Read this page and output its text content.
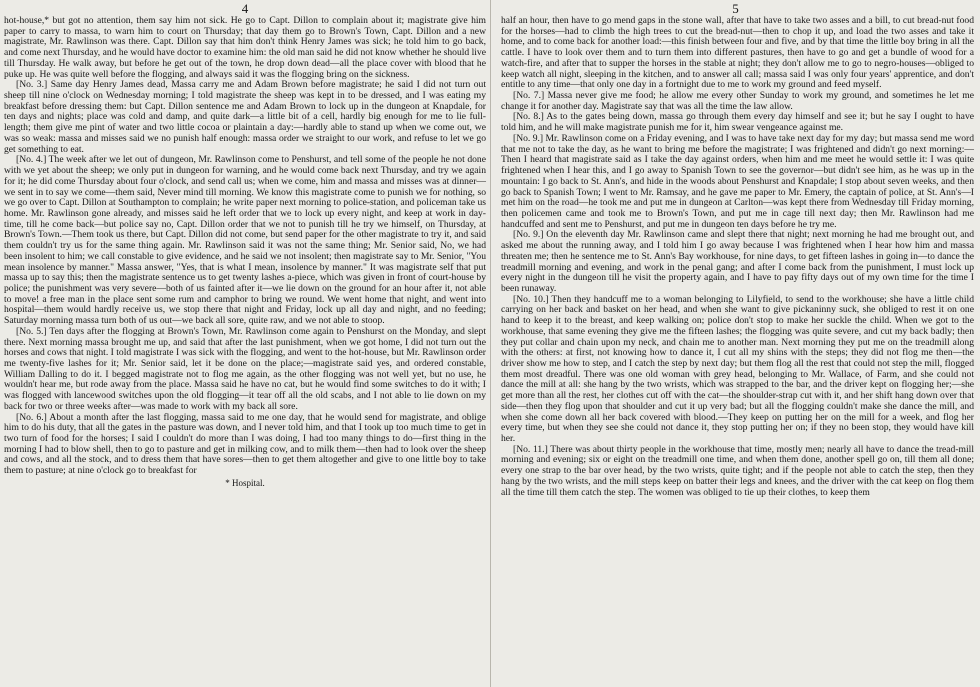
4

hot-house,* but got no attention, them say him not sick. He go to Capt. Dillon to complain about it; magistrate give him paper to carry to massa, to warn him to court on Thursday; that day them go to Brown's Town, Capt. Dillon and a new magistrate, Mr. Rawlinson was there. Capt. Dillon say that him don't think Henry James was sick; he told him to go back, and come next Thursday, and he would have doctor to examine him: the old man said he did not know whether he should live till Thursday. He walk away, but before he get out of the town, he drop down dead—all the place cover with blood that he puke up. He was quite well before the flogging, and always said it was the flogging bring on the sickness.

[No. 3.] Same day Henry James dead, Massa carry me and Adam Brown before magistrate; he said I did not turn out sheep till nine o'clock on Wednesday morning; I told magistrate the sheep was kept in to be dressed, and I was eating my breakfast before dressing them: but Capt. Dillon sentence me and Adam Brown to lock up in the dungeon at Knapdale, for ten days and nights; place was cold and damp, and quite dark—a little bit of a cell, hardly big enough for me to lie full-length; them give me pint of water and two little cocoa or plaintain a day:—hardly able to stand up when we come out, we was so weak: massa and misses said we no punish half enough: massa order we straight to our work, and refuse to let we go get something to eat.

[No. 4.] The week after we let out of dungeon, Mr. Rawlinson come to Penshurst, and tell some of the people he not done with we yet about the sheep; we only put in dungeon for warning, and he would come back next Thursday, and try we again for it; he did come Thursday about four o'clock, and send call us; when we come, him and massa and misses was at dinner—we sent in to say we come—them said, Never mind till morning. We know this magistrate come to punish we for nothing, so we go over to Capt. Dillon at Southampton to complain; he write paper next morning to police-station, and policeman take us home. Mr. Rawlinson gone already, and misses said he left order that we to lock up every night, and keep at work in day-time, till he come back—but police say no, Capt. Dillon order that we not to punish till he try we himself, on Thursday, at Brown's Town.—Them took us there, but Capt. Dillon did not come, but send paper for the other magistrate to try it, and said them couldn't try us for the same thing again. Mr. Rawlinson said it was not the same thing; Mr. Senior said, No, we had been insolent to him; we call constable to give evidence, and he said we not insolent; then magistrate say to Mr. Senior, "You mean insolence by manner." Massa answer, "Yes, that is what I mean, insolence by manner." It was magistrate self that put massa up to say this; then the magistrate sentence us to get twenty lashes a-piece, which was given in front of court-house by police; the punishment was very severe—both of us fainted after it—we lie down on the ground for an hour after it, not able to move! a free man in the place sent some rum and camphor to bring we round. We went home that night, and went into hospital—them would hardly receive us, we stop there that night and Friday, lock up all day and night, and no feeding; Saturday morning massa turn both of us out—we back all sore, quite raw, and we not able to stoop.

[No. 5.] Ten days after the flogging at Brown's Town, Mr. Rawlinson come again to Penshurst on the Monday, and slept there. Next morning massa brought me up, and said that after the last punishment, when we got home, I did not turn out the horses and cows that night. I told magistrate I was sick with the flogging, and went to the hot-house, but Mr. Rawlinson order me twenty-five lashes for it; Mr. Senior said, let it be done on the place;—magistrate said yes, and ordered constable, William Dalling to do it. I begged magistrate not to flog me again, as the other flogging was not well yet, but no use, he wouldn't hear me, but rode away from the place. Massa said he have no cat, but he would find some switches to do it with; I was flogged with lancewood switches upon the old flogging—it tear off all the old scabs, and I not able to lie down on my back for two or three weeks after—was made to work with my back all sore.

[No. 6.] About a month after the last flogging, massa said to me one day, that he would send for magistrate, and oblige him to do his duty, that all the gates in the pasture was down, and I never told him, and that I took up too much time to get in two turn of food for the horses; I said I couldn't do more than I was doing, I had too many things to do—first thing in the morning I had to blow shell, then to go to pasture and get in milking cow, and to milk them—then had to look over the sheep and cows, and all the stock, and to dress them that have sores—then to get them altogether and give to one little boy to take them to pasture; at nine o'clock go to breakfast for

* Hospital.
5

half an hour, then have to go mend gaps in the stone wall, after that have to take two asses and a bill, to cut bread-nut food for the horses—had to climb the high trees to cut the bread-nut—then to chop it up, and load the two asses and take it home, and to come back for another load:—this finish between four and five, and by that time the little boy bring in all the cattle. I have to look over them and to turn them into different pastures, then have to go and get a bundle of wood for a watch-fire, and after that to supper the horses in the stable at night; they don't allow me to go to negro-houses—obliged to keep watch all night, sleeping in the kitchen, and to answer all call; massa said I was only four years' apprentice, and don't entitle to any time—that only one day in a fortnight due to me to work my ground and feed myself.

[No. 7.] Massa never give me food; he allow me every other Sunday to work my ground, and sometimes he let me change it for another day. Magistrate say that was all the time the law allow.

[No. 8.] As to the gates being down, massa go through them every day himself and see it; but he say I ought to have told him, and he will make magistrate punish me for it, him swear vengeance against me.

[No. 9.] Mr. Rawlinson come on a Friday evening, and I was to have take next day for my day; but massa send me word that me not to take the day, as he want to bring me before the magistrate; I was frightened and didn't go next morning:—Then I heard that magistrate said as I take the day against orders, when him and me meet he would settle it: I was quite frightened when I hear this, and I go away to Spanish Town to see the governor—but didn't see him, as he was up in the mountain: I go back to St. Ann's, and hide in the woods about Penshurst and Knapdale; I stop about seven weeks, and then go back to Spanish Town; I went to Mr. Ramsay, and he gave me paper to Mr. Emery, the captain of police, at St. Ann's—I met him on the road—he took me and put me in dungeon at Carlton—was kept there from Wednesday till Friday morning, then policemen came and took me to Brown's Town, and put me in cage till next day; then Mr. Rawlinson had me handcuffed and sent me to Penshurst, and put me in dungeon ten days before he try me.

[No. 9.] On the eleventh day Mr. Rawlinson came and slept there that night; next morning he had me brought out, and asked me about the running away, and I told him I go away because I was frightened when I hear how him and massa threaten me; then he sentence me to St. Ann's Bay workhouse, for nine days, to get fifteen lashes in going in—to dance the treadmill morning and evening, and work in the penal gang; and after I come back from the punishment, I must lock up every night in the dungeon till he visit the property again, and I have to pay fifty days out of my own time for the time I been runaway.

[No. 10.] Then they handcuff me to a woman belonging to Lilyfield, to send to the workhouse; she have a little child carrying on her back and basket on her head, and when she want to give pickaninny suck, she obliged to rest it on one hand to keep it to the breast, and keep walking on; police don't stop to make her suckle the child. When we got to the workhouse, that same evening they give me the fifteen lashes; the flogging was quite severe, and cut my back badly; then they put collar and chain upon my neck, and chain me to another man. Next morning they put me on the treadmill along with the others: at first, not knowing how to dance it, I cut all my shins with the steps; they did not flog me then—the driver show me how to step, and I catch the step by next day; but them flog all the rest that could not step the mill, flogged them most dreadful. There was one old woman with grey head, belonging to Mr. Wallace, of Farm, and she could not dance the mill at all: she hang by the two wrists, which was strapped to the bar, and the driver kept on flogging her;—she get more than all the rest, her clothes cut off with the cat—the shoulder-strap cut with it, and her shift hang down over that side—then they flog upon that shoulder and cut it up very bad; but all the flogging couldn't make she dance the mill, and when she come down all her back covered with blood.—They keep on putting her on the mill for a week, and flog her every time, but when they see she could not dance it, they stop putting her on; if they no been stop, they would have kill her.

[No. 11.] There was about thirty people in the workhouse that time, mostly men; nearly all have to dance the tread-mill morning and evening; six or eight on the treadmill one time, and when them done, another spell go on, till them all done; every one strap to the bar over head, by the two wrists, quite tight; and if the people not able to catch the step, then they hang by the two wrists, and the mill steps keep on batter their legs and knees, and the driver with the cat keep on flog them all the time till them catch the step. The women was obliged to tie up their clothes, to keep them
